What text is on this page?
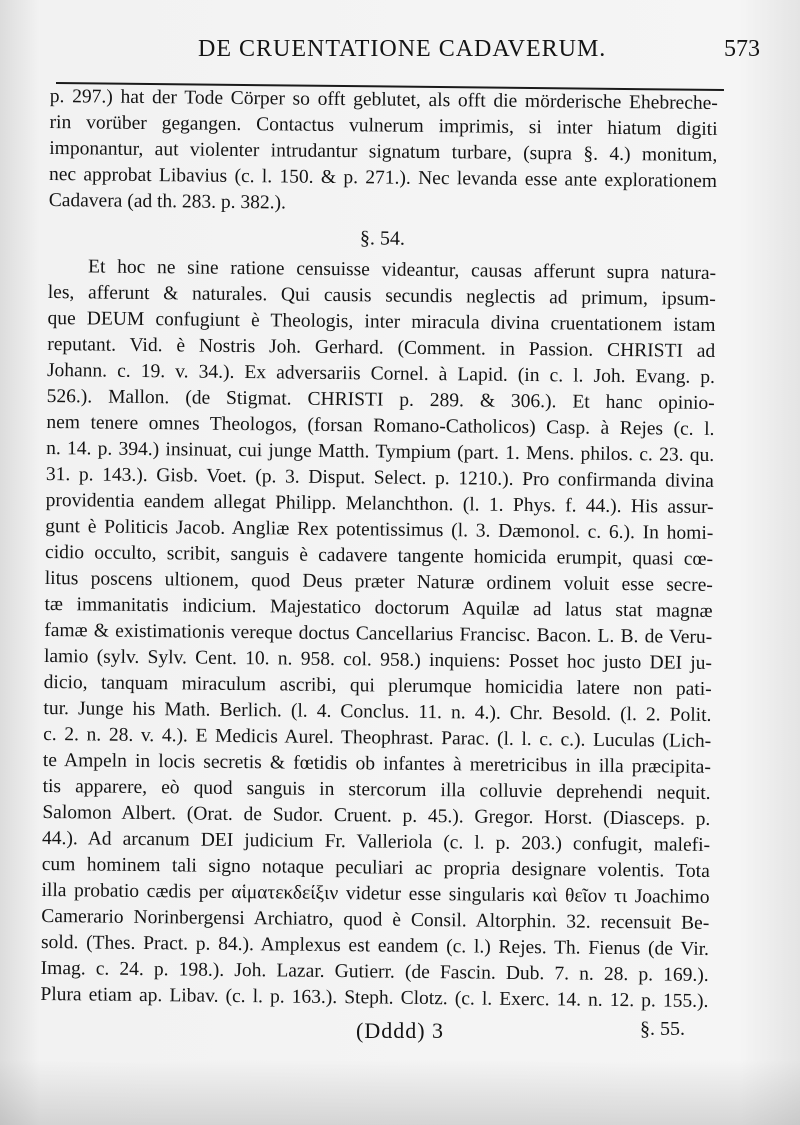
DE CRUENTATIONE CADAVERUM.	573
p. 297.) hat der Tode Cörper so offt geblutet, als offt die mörderische Ehebreche-
rin vorüber gegangen. Contactus vulnerum imprimis, si inter hiatum digiti
imponantur, aut violenter intrudantur signatum turbare, (supra §. 4.) monitum,
nec approbat Libavius (c. l. 150. & p. 271.). Nec levanda esse ante explorationem
Cadavera (ad th. 283. p. 382.).
§. 54.
Et hoc ne sine ratione censuisse videantur, causas afferunt supra natura-
les, afferunt & naturales. Qui causis secundis neglectis ad primum, ipsum-
que DEUM confugiunt è Theologis, inter miracula divina cruentationem istam
reputant. Vid. è Nostris Joh. Gerhard. (Comment. in Passion. CHRISTI ad
Johann. c. 19. v. 34.). Ex adversariis Cornel. à Lapid. (in c. l. Joh. Evang. p.
526.). Mallon. (de Stigmat. CHRISTI p. 289. & 306.). Et hanc opinio-
nem tenere omnes Theologos, (forsan Romano-Catholicos) Casp. à Rejes (c. l.
n. 14. p. 394.) insinuat, cui junge Matth. Tympium (part. 1. Mens. philos. c. 23. qu.
31. p. 143.). Gisb. Voet. (p. 3. Disput. Select. p. 1210.). Pro confirmanda divina
providentia eandem allegat Philipp. Melanchthon. (l. 1. Phys. f. 44.). His assur-
gunt è Politicis Jacob. Angliæ Rex potentissimus (l. 3. Dæmonol. c. 6.). In homi-
cidio occulto, scribit, sanguis è cadavere tangente homicida erumpit, quasi cœ-
litus poscens ultionem, quod Deus præter Naturæ ordinem voluit esse secre-
tæ immanitatis indicium. Majestatico doctorum Aquilæ ad latus stat magnæ
famæ & existimationis vereque doctus Cancellarius Francisc. Bacon. L. B. de Veru-
lamio (sylv. Sylv. Cent. 10. n. 958. col. 958.) inquiens: Posset hoc justo DEI ju-
dicio, tanquam miraculum ascribi, qui plerumque homicidia latere non pati-
tur. Junge his Math. Berlich. (l. 4. Conclus. 11. n. 4.). Chr. Besold. (l. 2. Polit.
c. 2. n. 28. v. 4.). E Medicis Aurel. Theophrast. Parac. (l. l. c. c.). Luculas (Lich-
te Ampeln in locis secretis & fœtidis ob infantes à meretricibus in illa præcipita-
tis apparere, eò quod sanguis in stercorum illa colluvie deprehendi nequit.
Salomon Albert. (Orat. de Sudor. Cruent. p. 45.). Gregor. Horst. (Diasceps. p.
44.). Ad arcanum DEI judicium Fr. Valleriola (c. l. p. 203.) confugit, malefi-
cum hominem tali signo notaque peculiari ac propria designare volentis. Tota
illa probatio cædis per αἱματεκδείξιν videtur esse singularis καὶ θεῖον τι Joachimo
Camerario Norinbergensi Archiatro, quod è Consil. Altorphin. 32. recensuit Be-
sold. (Thes. Pract. p. 84.). Amplexus est eandem (c. l.) Rejes. Th. Fienus (de Vir.
Imag. c. 24. p. 198.). Joh. Lazar. Gutierr. (de Fascin. Dub. 7. n. 28. p. 169.).
Plura etiam ap. Libav. (c. l. p. 163.). Steph. Clotz. (c. l. Exerc. 14. n. 12. p. 155.).
(Dddd) 3	§. 55.
